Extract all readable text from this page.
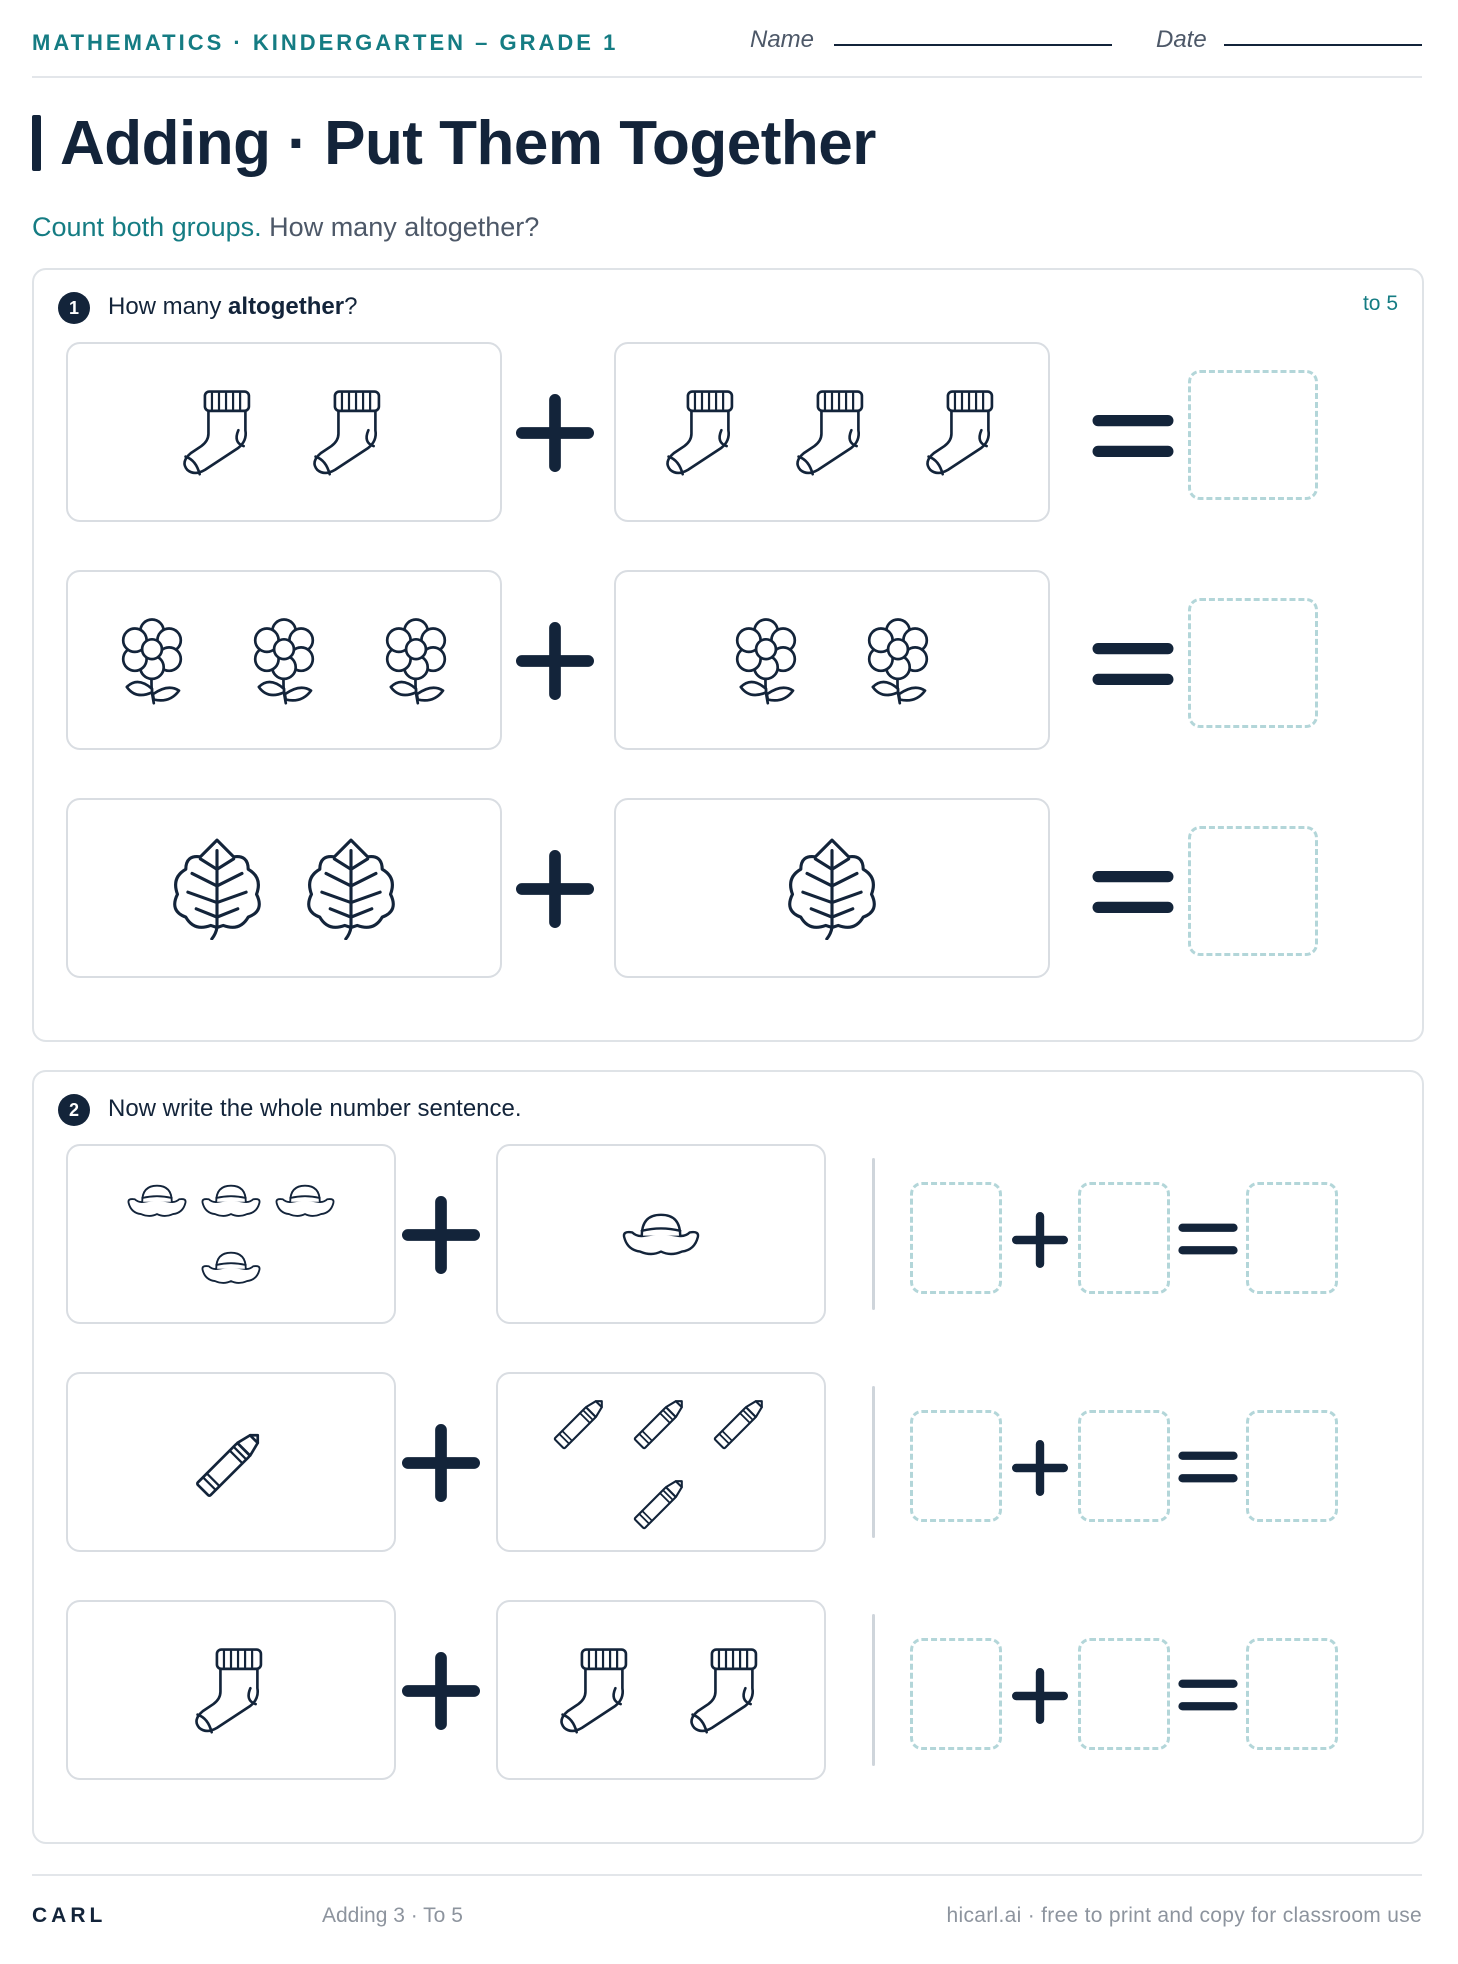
MATHEMATICS · KINDERGARTEN – GRADE 1	Name	Date
Adding · Put Them Together
Count both groups. How many altogether?
1	How many altogether?	to 5
2	Now write the whole number sentence.
CARL	Adding 3 · To 5	hicarl.ai · free to print and copy for classroom use
